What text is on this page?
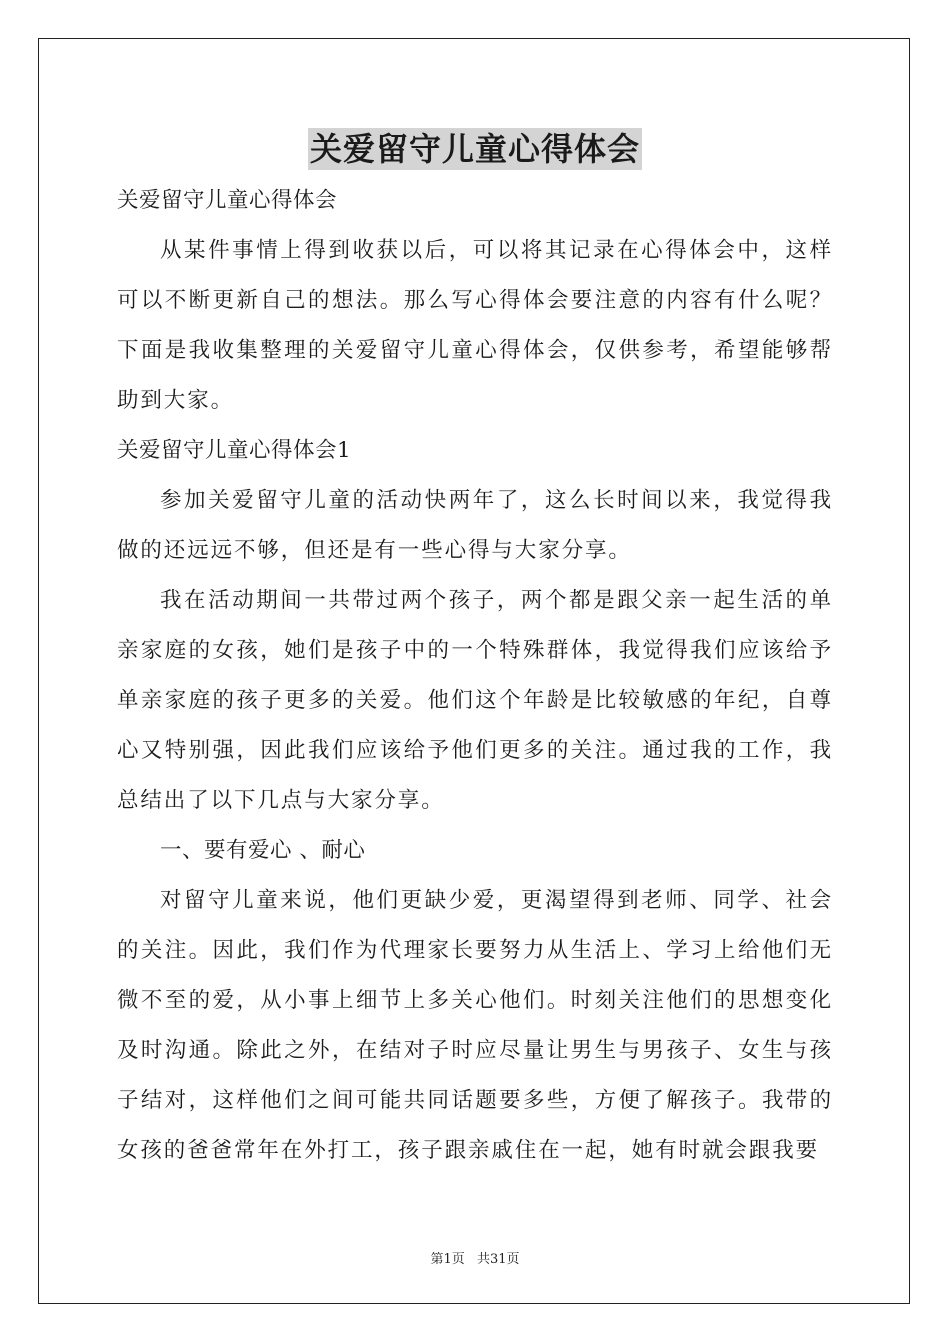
关爱留守儿童心得体会

关爱留守儿童心得体会

从某件事情上得到收获以后，可以将其记录在心得体会中，这样可以不断更新自己的想法。那么写心得体会要注意的内容有什么呢？下面是我收集整理的关爱留守儿童心得体会，仅供参考，希望能够帮助到大家。

关爱留守儿童心得体会1

参加关爱留守儿童的活动快两年了，这么长时间以来，我觉得我做的还远远不够，但还是有一些心得与大家分享。

我在活动期间一共带过两个孩子，两个都是跟父亲一起生活的单亲家庭的女孩，她们是孩子中的一个特殊群体，我觉得我们应该给予单亲家庭的孩子更多的关爱。他们这个年龄是比较敏感的年纪，自尊心又特别强，因此我们应该给予他们更多的关注。通过我的工作，我总结出了以下几点与大家分享。

一、要有爱心 、耐心

对留守儿童来说，他们更缺少爱，更渴望得到老师、同学、社会的关注。因此，我们作为代理家长要努力从生活上、学习上给他们无微不至的爱，从小事上细节上多关心他们。时刻关注他们的思想变化及时沟通。除此之外，在结对子时应尽量让男生与男孩子、女生与孩子结对，这样他们之间可能共同话题要多些，方便了解孩子。我带的女孩的爸爸常年在外打工，孩子跟亲戚住在一起，她有时就会跟我要

第1页 共31页
